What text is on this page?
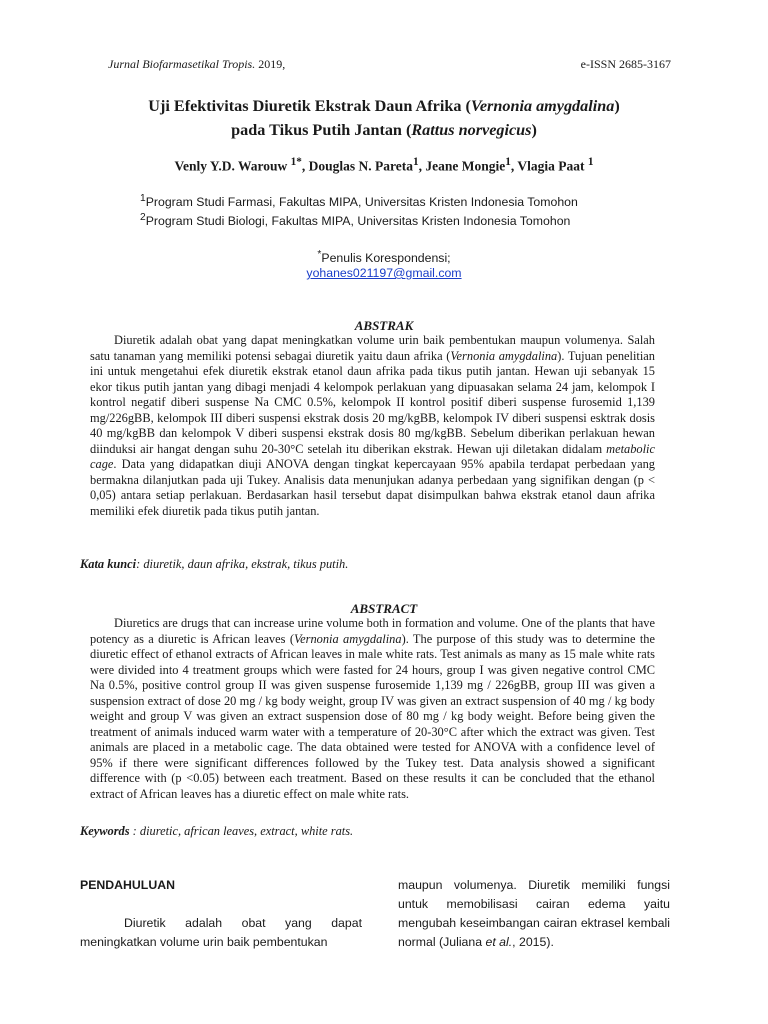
Jurnal Biofarmasetikal Tropis. 2019,	e-ISSN 2685-3167
Uji Efektivitas Diuretik Ekstrak Daun Afrika (Vernonia amygdalina)
pada Tikus Putih Jantan (Rattus norvegicus)
Venly Y.D. Warouw $^{1*}$, Douglas N. Pareta$^1$, Jeane Mongie$^1$, Vlagia Paat $^1$
$^1$Program Studi Farmasi, Fakultas MIPA, Universitas Kristen Indonesia Tomohon
$^2$Program Studi Biologi, Fakultas MIPA, Universitas Kristen Indonesia Tomohon
*Penulis Korespondensi;
yohanes021197@gmail.com
ABSTRAK
Diuretik adalah obat yang dapat meningkatkan volume urin baik pembentukan maupun volumenya. Salah satu tanaman yang memiliki potensi sebagai diuretik yaitu daun afrika (Vernonia amygdalina). Tujuan penelitian ini untuk mengetahui efek diuretik ekstrak etanol daun afrika pada tikus putih jantan. Hewan uji sebanyak 15 ekor tikus putih jantan yang dibagi menjadi 4 kelompok perlakuan yang dipuasakan selama 24 jam, kelompok I kontrol negatif diberi suspense Na CMC 0.5%, kelompok II kontrol positif diberi suspense furosemid 1,139 mg/226gBB, kelompok III diberi suspensi ekstrak dosis 20 mg/kgBB, kelompok IV diberi suspensi esktrak dosis 40 mg/kgBB dan kelompok V diberi suspensi ekstrak dosis 80 mg/kgBB. Sebelum diberikan perlakuan hewan diinduksi air hangat dengan suhu 20-30°C setelah itu diberikan ekstrak. Hewan uji diletakan didalam metabolic cage. Data yang didapatkan diuji ANOVA dengan tingkat kepercayaan 95% apabila terdapat perbedaan yang bermakna dilanjutkan pada uji Tukey. Analisis data menunjukan adanya perbedaan yang signifikan dengan (p < 0,05) antara setiap perlakuan. Berdasarkan hasil tersebut dapat disimpulkan bahwa ekstrak etanol daun afrika memiliki efek diuretik pada tikus putih jantan.
Kata kunci: diuretik, daun afrika, ekstrak, tikus putih.
ABSTRACT
Diuretics are drugs that can increase urine volume both in formation and volume. One of the plants that have potency as a diuretic is African leaves (Vernonia amygdalina). The purpose of this study was to determine the diuretic effect of ethanol extracts of African leaves in male white rats. Test animals as many as 15 male white rats were divided into 4 treatment groups which were fasted for 24 hours, group I was given negative control CMC Na 0.5%, positive control group II was given suspense furosemide 1,139 mg / 226gBB, group III was given a suspension extract of dose 20 mg / kg body weight, group IV was given an extract suspension of 40 mg / kg body weight and group V was given an extract suspension dose of 80 mg / kg body weight. Before being given the treatment of animals induced warm water with a temperature of 20-30°C after which the extract was given. Test animals are placed in a metabolic cage. The data obtained were tested for ANOVA with a confidence level of 95% if there were significant differences followed by the Tukey test. Data analysis showed a significant difference with (p <0.05) between each treatment. Based on these results it can be concluded that the ethanol extract of African leaves has a diuretic effect on male white rats.
Keywords : diuretic, african leaves, extract, white rats.
PENDAHULUAN
Diuretik adalah obat yang dapat meningkatkan volume urin baik pembentukan
maupun volumenya. Diuretik memiliki fungsi untuk memobilisasi cairan edema yaitu mengubah keseimbangan cairan ektrasel kembali normal (Juliana et al., 2015).
